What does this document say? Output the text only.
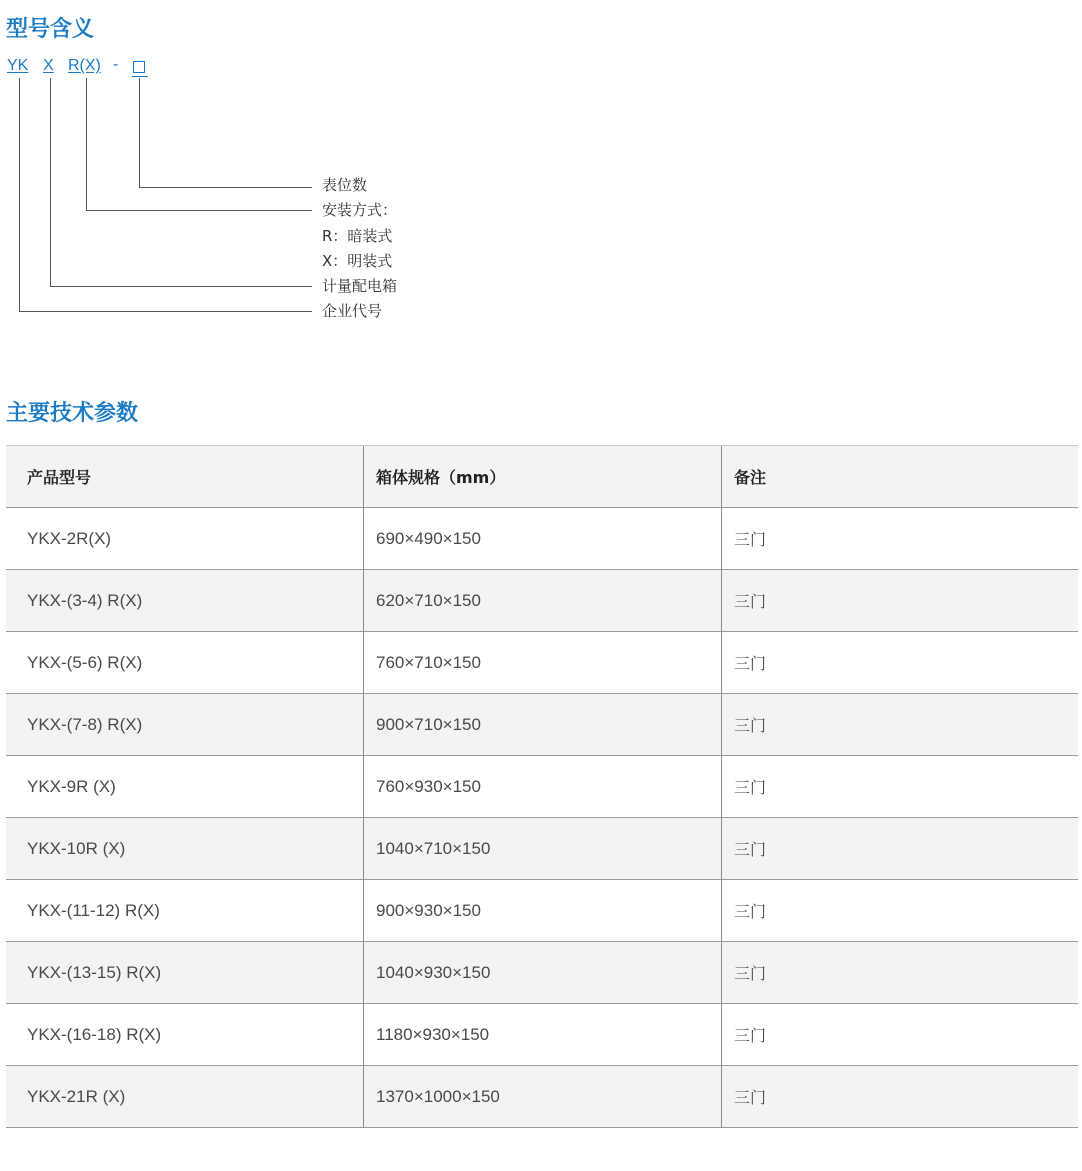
型号含义
YK X R(X) -
表位数
安装方式：
R：暗装式
X：明装式
计量配电箱
企业代号
主要技术参数
产品型号	箱体规格（mm）	备注
YKX-2R(X)	690×490×150	三门
YKX-(3-4) R(X)	620×710×150	三门
YKX-(5-6) R(X)	760×710×150	三门
YKX-(7-8) R(X)	900×710×150	三门
YKX-9R (X)	760×930×150	三门
YKX-10R (X)	1040×710×150	三门
YKX-(11-12) R(X)	900×930×150	三门
YKX-(13-15) R(X)	1040×930×150	三门
YKX-(16-18) R(X)	1180×930×150	三门
YKX-21R (X)	1370×1000×150	三门
